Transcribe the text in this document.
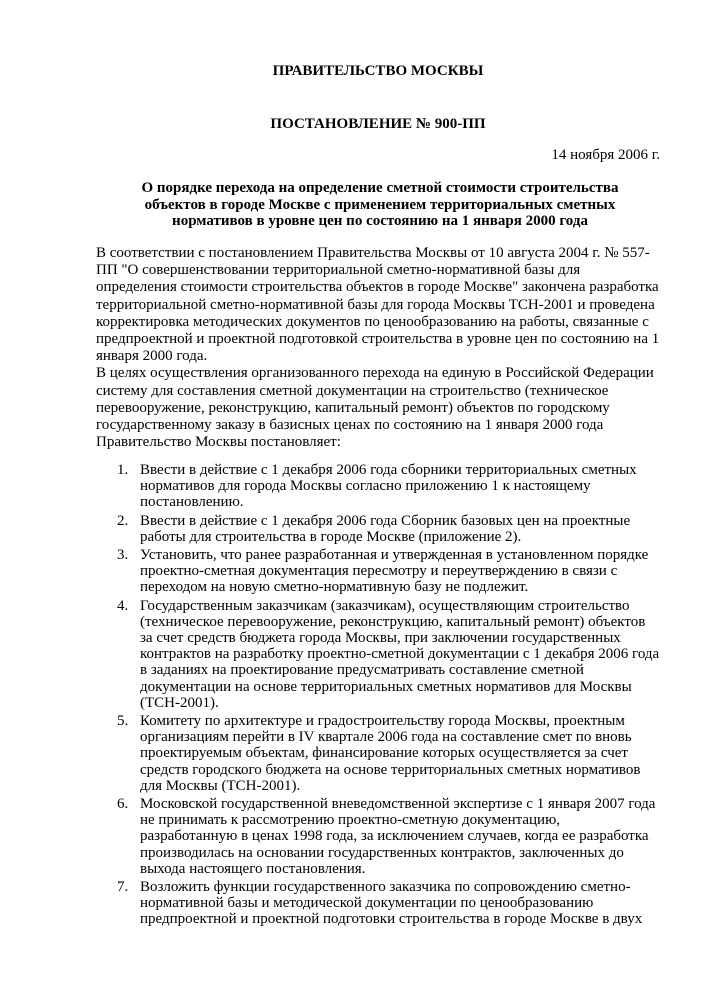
ПРАВИТЕЛЬСТВО МОСКВЫ
ПОСТАНОВЛЕНИЕ № 900-ПП
14 ноября 2006 г.
О порядке перехода на определение сметной стоимости строительства
объектов в городе Москве с применением территориальных сметных
нормативов в уровне цен по состоянию на 1 января 2000 года

В соответствии с постановлением Правительства Москвы от 10 августа 2004 г. № 557-ПП "О совершенствовании территориальной сметно-нормативной базы для определения стоимости строительства объектов в городе Москве" закончена разработка территориальной сметно-нормативной базы для города Москвы ТСН-2001 и проведена корректировка методических документов по ценообразованию на работы, связанные с предпроектной и проектной подготовкой строительства в уровне цен по состоянию на 1 января 2000 года.

В целях осуществления организованного перехода на единую в Российской Федерации систему для составления сметной документации на строительство (техническое перевооружение, реконструкцию, капитальный ремонт) объектов по городскому государственному заказу в базисных ценах по состоянию на 1 января 2000 года Правительство Москвы постановляет:

1. Ввести в действие с 1 декабря 2006 года сборники территориальных сметных нормативов для города Москвы согласно приложению 1 к настоящему постановлению.
2. Ввести в действие с 1 декабря 2006 года Сборник базовых цен на проектные работы для строительства в городе Москве (приложение 2).
3. Установить, что ранее разработанная и утвержденная в установленном порядке проектно-сметная документация пересмотру и переутверждению в связи с переходом на новую сметно-нормативную базу не подлежит.
4. Государственным заказчикам (заказчикам), осуществляющим строительство (техническое перевооружение, реконструкцию, капитальный ремонт) объектов за счет средств бюджета города Москвы, при заключении государственных контрактов на разработку проектно-сметной документации с 1 декабря 2006 года в заданиях на проектирование предусматривать составление сметной документации на основе территориальных сметных нормативов для Москвы (ТСН-2001).
5. Комитету по архитектуре и градостроительству города Москвы, проектным организациям перейти в IV квартале 2006 года на составление смет по вновь проектируемым объектам, финансирование которых осуществляется за счет средств городского бюджета на основе территориальных сметных нормативов для Москвы (ТСН-2001).
6. Московской государственной вневедомственной экспертизе с 1 января 2007 года не принимать к рассмотрению проектно-сметную документацию, разработанную в ценах 1998 года, за исключением случаев, когда ее разработка производилась на основании государственных контрактов, заключенных до выхода настоящего постановления.
7. Возложить функции государственного заказчика по сопровождению сметно-нормативной базы и методической документации по ценообразованию предпроектной и проектной подготовки строительства в городе Москве в двух
